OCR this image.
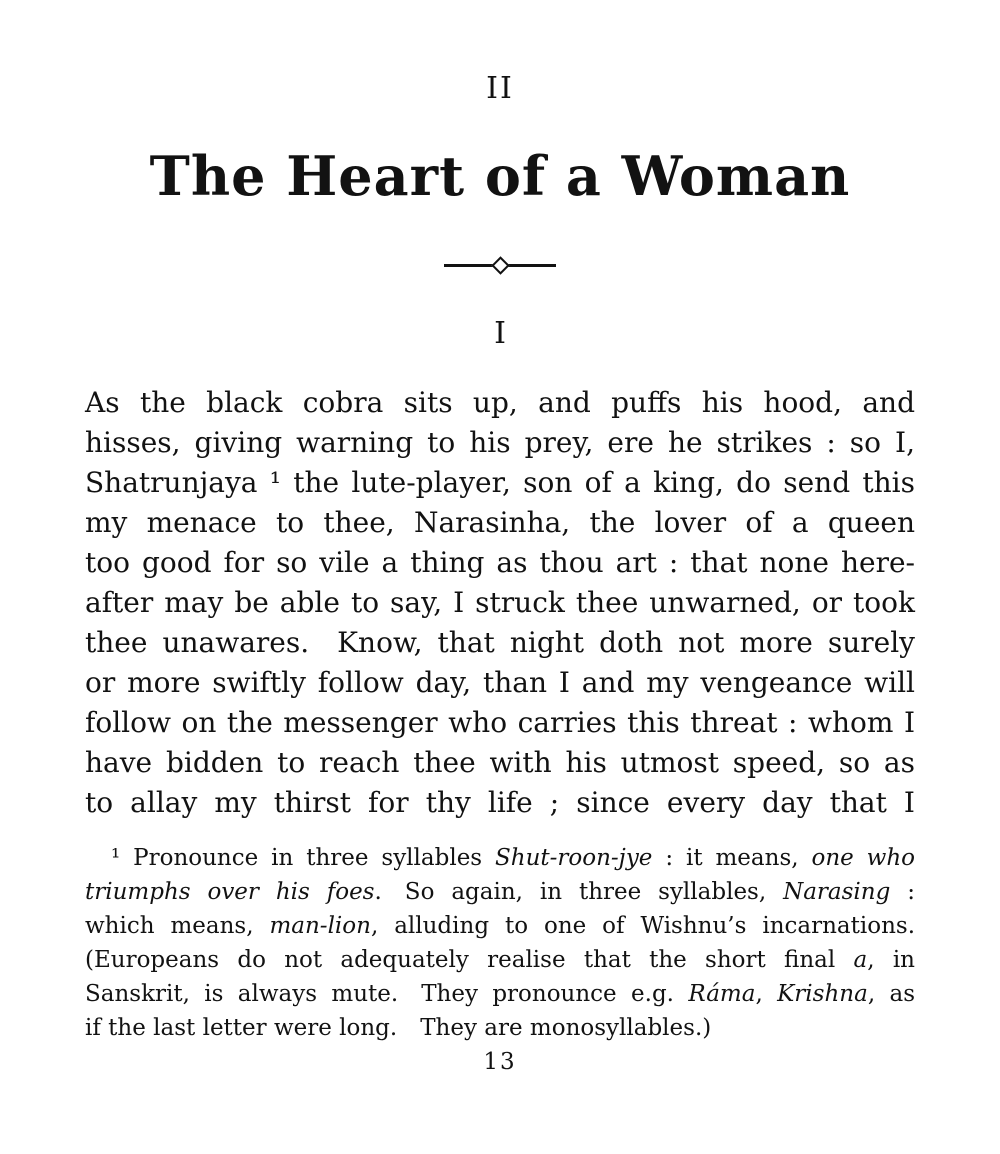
II
The Heart of a Woman
I
As the black cobra sits up, and puffs his hood, and
hisses, giving warning to his prey, ere he strikes : so I,
Shatrunjaya ¹ the lute-player, son of a king, do send this
my menace to thee, Narasinha, the lover of a queen
too good for so vile a thing as thou art : that none here-
after may be able to say, I struck thee unwarned, or took
thee unawares. Know, that night doth not more surely
or more swiftly follow day, than I and my vengeance will
follow on the messenger who carries this threat : whom I
have bidden to reach thee with his utmost speed, so as
to allay my thirst for thy life ; since every day that I
¹ Pronounce in three syllables Shut-roon-jye : it means, one who
triumphs over his foes. So again, in three syllables, Narasing :
which means, man-lion, alluding to one of Wishnu’s incarnations.
(Europeans do not adequately realise that the short final a, in
Sanskrit, is always mute. They pronounce e.g. Ráma, Krishna, as
if the last letter were long. They are monosyllables.)
13
